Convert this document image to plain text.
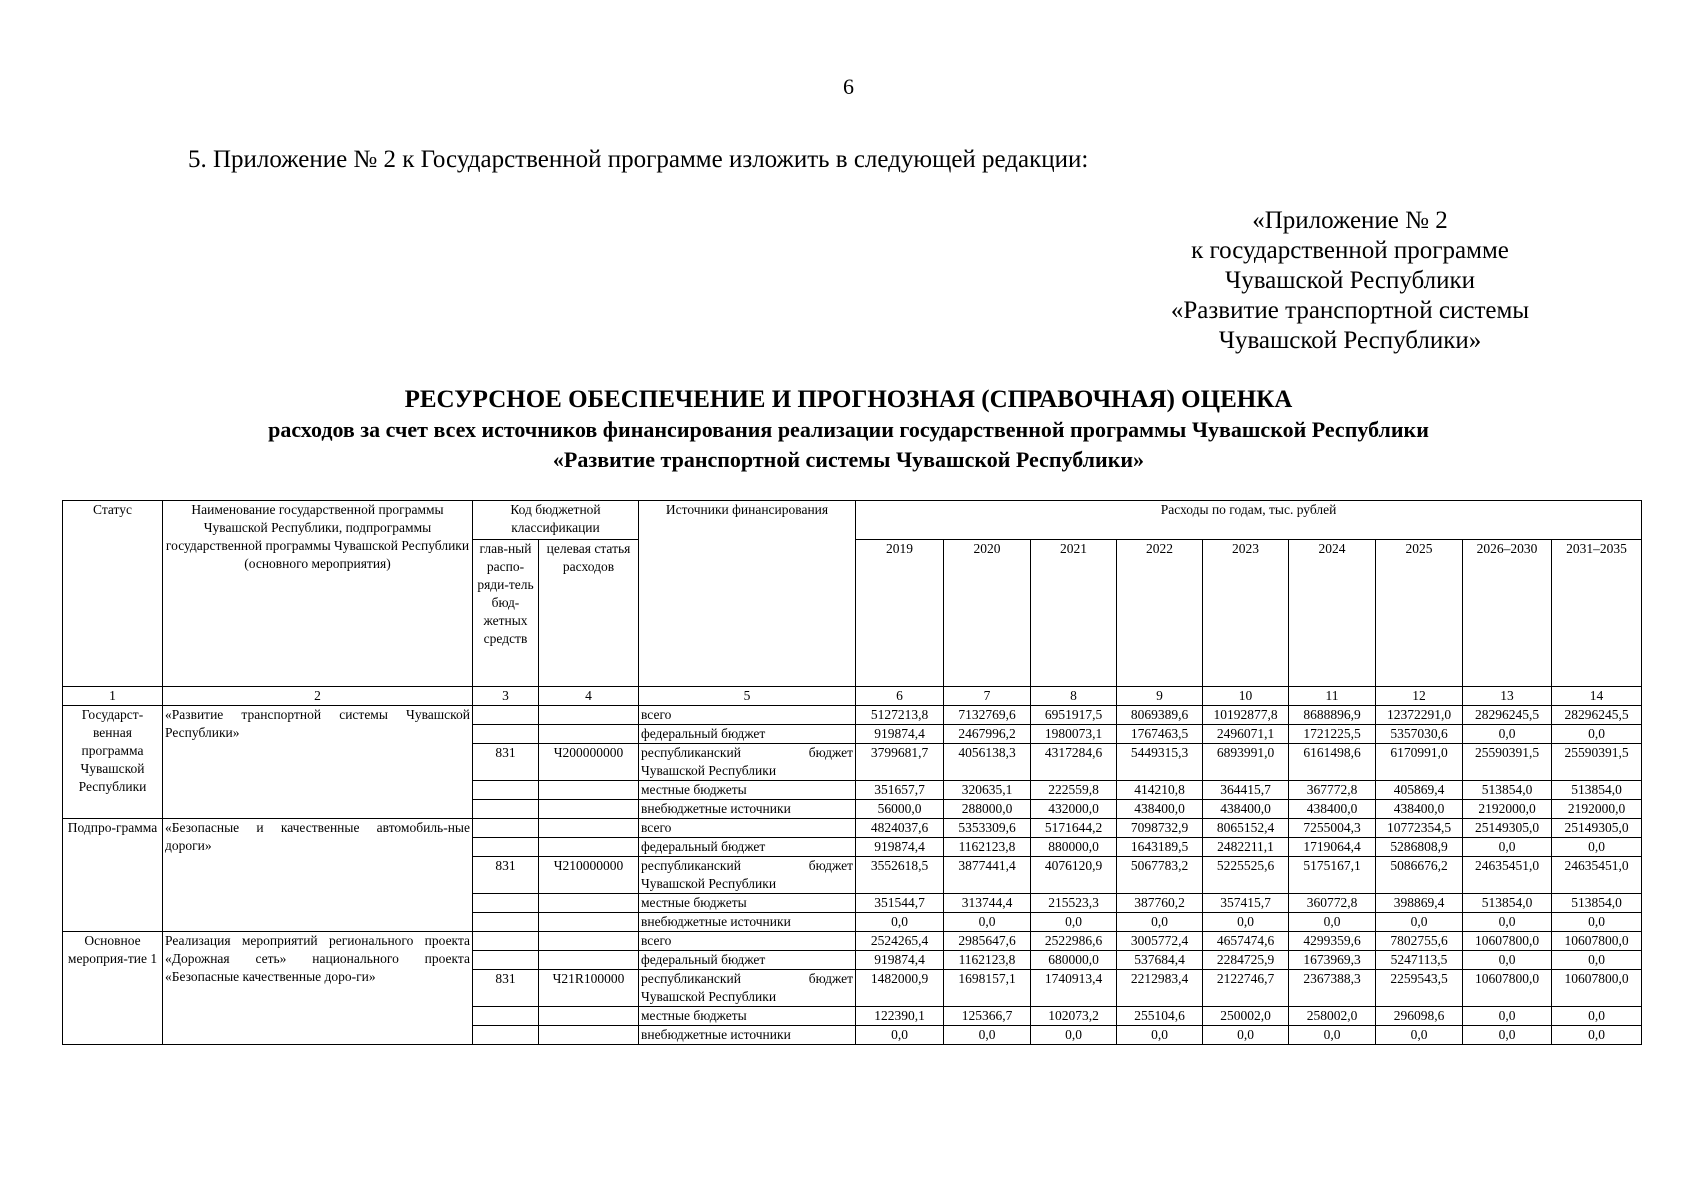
6
5. Приложение № 2 к Государственной программе изложить в следующей редакции:
«Приложение № 2
к государственной программе
Чувашской Республики
«Развитие транспортной системы
Чувашской Республики»
РЕСУРСНОЕ ОБЕСПЕЧЕНИЕ И ПРОГНОЗНАЯ (СПРАВОЧНАЯ) ОЦЕНКА
расходов за счет всех источников финансирования реализации государственной программы Чувашской Республики
«Развитие транспортной системы Чувашской Республики»
Статус	Наименование государственной программы Чувашской Республики, подпрограммы государственной программы Чувашской Республики (основного мероприятия)	Код бюджетной классификации		Источники финансирования	Расходы по годам, тыс. рублей								
		глав-ный распо-ряди-тель бюд-жетных средств	целевая статья расходов		2019	2020	2021	2022	2023	2024	2025	2026–2030	2031–2035
1	2	3	4	5	6	7	8	9	10	11	12	13	14
Государст-венная программа Чувашской Республики	«Развитие транспортной системы Чувашской Республики»			всего	5127213,8	7132769,6	6951917,5	8069389,6	10192877,8	8688896,9	12372291,0	28296245,5	28296245,5
				федеральный бюджет	919874,4	2467996,2	1980073,1	1767463,5	2496071,1	1721225,5	5357030,6	0,0	0,0
		831	Ч200000000	республиканский бюджет Чувашской Республики	3799681,7	4056138,3	4317284,6	5449315,3	6893991,0	6161498,6	6170991,0	25590391,5	25590391,5
				местные бюджеты	351657,7	320635,1	222559,8	414210,8	364415,7	367772,8	405869,4	513854,0	513854,0
				внебюджетные источники	56000,0	288000,0	432000,0	438400,0	438400,0	438400,0	438400,0	2192000,0	2192000,0
Подпро-грамма	«Безопасные и качественные автомобиль-ные дороги»			всего	4824037,6	5353309,6	5171644,2	7098732,9	8065152,4	7255004,3	10772354,5	25149305,0	25149305,0
				федеральный бюджет	919874,4	1162123,8	880000,0	1643189,5	2482211,1	1719064,4	5286808,9	0,0	0,0
		831	Ч210000000	республиканский бюджет Чувашской Республики	3552618,5	3877441,4	4076120,9	5067783,2	5225525,6	5175167,1	5086676,2	24635451,0	24635451,0
				местные бюджеты	351544,7	313744,4	215523,3	387760,2	357415,7	360772,8	398869,4	513854,0	513854,0
				внебюджетные источники	0,0	0,0	0,0	0,0	0,0	0,0	0,0	0,0	0,0
Основное мероприя-тие 1	Реализация мероприятий регионального проекта «Дорожная сеть» национального проекта «Безопасные качественные доро-ги»			всего	2524265,4	2985647,6	2522986,6	3005772,4	4657474,6	4299359,6	7802755,6	10607800,0	10607800,0
				федеральный бюджет	919874,4	1162123,8	680000,0	537684,4	2284725,9	1673969,3	5247113,5	0,0	0,0
		831	Ч21R100000	республиканский бюджет Чувашской Республики	1482000,9	1698157,1	1740913,4	2212983,4	2122746,7	2367388,3	2259543,5	10607800,0	10607800,0
				местные бюджеты	122390,1	125366,7	102073,2	255104,6	250002,0	258002,0	296098,6	0,0	0,0
				внебюджетные источники	0,0	0,0	0,0	0,0	0,0	0,0	0,0	0,0	0,0
